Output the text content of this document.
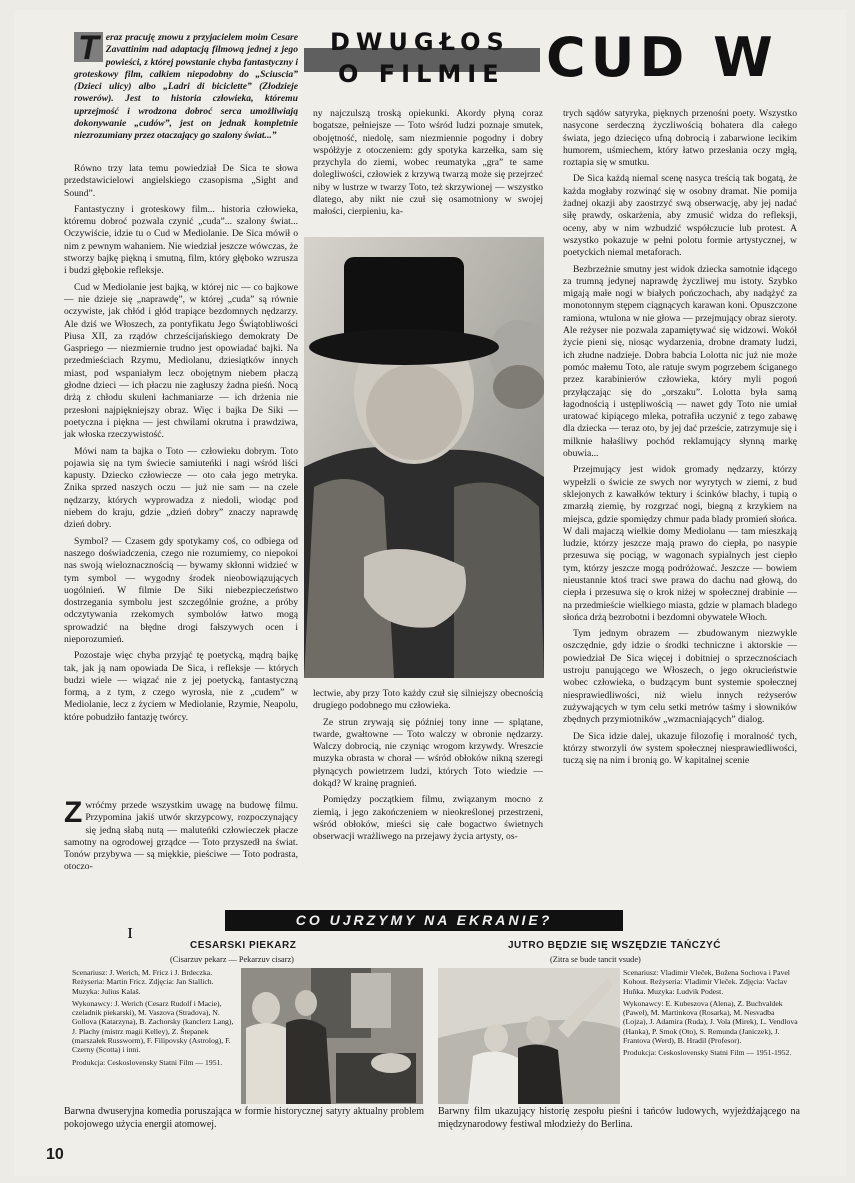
T eraz pracuję znowu z przyjacielem moim Cesare Zavattinim nad adaptacją filmową jednej z jego powieści, z której powstanie chyba fantastyczny i groteskowy film, całkiem niepodobny do „Sciuscia” (Dzieci ulicy) albo „Ladri di biciclette” (Złodzieje rowerów). Jest to historia człowieka, któremu uprzejmość i wrodzona dobroć serca umożliwiają dokonywanie „cudów”, jest on jednak kompletnie niezrozumiany przez otaczający go szalony świat...”

Równo trzy lata temu powiedział De Sica te słowa przedstawicielowi angielskiego czasopisma „Sight and Sound”.

Fantastyczny i groteskowy film... historia człowieka, któremu dobroć pozwala czynić „cuda”... szalony świat... Oczywiście, idzie tu o Cud w Mediolanie. De Sica mówił o nim z pewnym wahaniem. Nie wiedział jeszcze wówczas, że stworzy bajkę piękną i smutną, film, który głęboko wzrusza i budzi głębokie refleksje.

Cud w Mediolanie jest bajką, w której nic — co bajkowe — nie dzieje się „naprawdę”, w której „cuda” są równie oczywiste, jak chłód i głód trapiące bezdomnych nędzarzy. Ale dziś we Włoszech, za pontyfikatu Jego Świątobliwości Piusa XII, za rządów chrześcijańskiego demokraty De Gaspriego — niezmiernie trudno jest opowiadać bajki. Na przedmieściach Rzymu, Mediolanu, dziesiątków innych miast, pod wspaniałym lecz obojętnym niebem płaczą głodne dzieci — ich płaczu nie zagłuszy żadna pieśń. Nocą drżą z chłodu skuleni łachmaniarze — ich drżenia nie przesłoni najpiękniejszy obraz. Więc i bajka De Siki — poetyczna i piękna — jest chwilami okrutna i prawdziwa, jak włoska rzeczywistość.

Mówi nam ta bajka o Toto — człowieku dobrym. Toto pojawia się na tym świecie samiuteńki i nagi wśród liści kapusty. Dziecko człowiecze — oto cała jego metryka. Znika sprzed naszych oczu — już nie sam — na czele nędzarzy, których wyprowadza z niedoli, wiodąc pod niebem do kraju, gdzie „dzień dobry” znaczy naprawdę dzień dobry.

Symbol? — Czasem gdy spotykamy coś, co odbiega od naszego doświadczenia, czego nie rozumiemy, co niepokoi nas swoją wieloznacznością — bywamy skłonni widzieć w tym symbol — wygodny środek nieobowiązujących uogólnień. W filmie De Siki niebezpieczeństwo dostrzegania symbolu jest szczególnie groźne, a próby odczytywania rzekomych symbolów łatwo mogą sprowadzić na błędne drogi fałszywych ocen i nieporozumień.

Pozostaje więc chyba przyjąć tę poetycką, mądrą bajkę tak, jak ją nam opowiada De Sica, i refleksje — których budzi wiele — wiązać nie z jej poetycką, fantastyczną formą, a z tym, z czego wyrosła, nie z „cudem” w Mediolanie, lecz z życiem w Mediolanie, Rzymie, Neapolu, które pobudziło fantazję twórcy.

Zwróćmy przede wszystkim uwagę na budowę filmu. Przypomina jakiś utwór skrzypcowy, rozpoczynający się jedną słabą nutą — maluteńki człowieczek płacze samotny na ogrodowej grządce — Toto przyszedł na świat. Tonów przybywa — są miękkie, pieściwe — Toto podrasta, otoczo-

DWUGŁOS
O FILMIE CUD W

ny najczulszą troską opiekunki. Akordy płyną coraz bogatsze, pełniejsze — Toto wśród ludzi poznaje smutek, obojętność, niedolę, sam niezmiennie pogodny i dobry współżyje z otoczeniem: gdy spotyka karzełka, sam się przychyla do ziemi, wobec reumatyka „gra” te same dolegliwości, człowiek z krzywą twarzą może się przejrzeć niby w lustrze w twarzy Toto, też skrzywionej — wszystko dlatego, aby nikt nie czuł się osamotniony w swojej małości, cierpieniu, ka-

lectwie, aby przy Toto każdy czuł się silniejszy obecnością drugiego podobnego mu człowieka.

Ze strun zrywają się później tony inne — splątane, twarde, gwałtowne — Toto walczy w obronie nędzarzy. Walczy dobrocią, nie czyniąc wrogom krzywdy. Wreszcie muzyka obrasta w chorał — wśród obłoków nikną szeregi płynących powietrzem ludzi, których Toto wiedzie — dokąd? W krainę pragnień.

Pomiędzy początkiem filmu, związanym mocno z ziemią, i jego zakończeniem w nieokreślonej przestrzeni, wśród obłoków, mieści się całe bogactwo świetnych obserwacji wrażliwego na przejawy życia artysty, os-

trych sądów satyryka, pięknych przenośni poety. Wszystko nasycone serdeczną życzliwością bohatera dla całego świata, jego dziecięco ufną dobrocią i zabarwione lecikim humorem, uśmiechem, który łatwo przesłania oczy mgłą, roztapia się w smutku.

De Sica każdą niemal scenę nasyca treścią tak bogatą, że każda mogłaby rozwinąć się w osobny dramat. Nie pomija żadnej okazji aby zaostrzyć swą obserwację, aby jej nadać siłę prawdy, oskarżenia, aby zmusić widza do refleksji, oceny, aby w nim wzbudzić współczucie lub protest. A wszystko pokazuje w pełni polotu formie artystycznej, w poetyckich niemal metaforach.

Bezbrzeżnie smutny jest widok dziecka samotnie idącego za trumną jedynej naprawdę życzliwej mu istoty. Szybko migają małe nogi w białych pończochach, aby nadążyć za monotonnym stępem ciągnących karawan koni. Opuszczone ramiona, wtulona w nie głowa — przejmujący obraz sieroty. Ale reżyser nie pozwala zapamiętywać się widzowi. Wokół życie pieni się, niosąc wydarzenia, drobne dramaty ludzi, ich złudne nadzieje. Dobra babcia Lolotta nic już nie może pomóc małemu Toto, ale ratuje swym pogrzebem ściganego przez karabinierów człowieka, który myli pogoń przyłączając się do „orszaku”. Lolotta była samą łagodnością i ustępliwością — nawet gdy Toto nie umiał uratować kipiącego mleka, potrafiła uczynić z tego zabawę dla dziecka — teraz oto, by jej dać przeście, zatrzymuje się i milknie hałaśliwy pochód reklamujący słynną markę obuwia...

Przejmujący jest widok gromady nędzarzy, którzy wypełzli o świcie ze swych nor wyrytych w ziemi, z bud sklejonych z kawałków tektury i ścinków blachy, i tupią o zmarzłą ziemię, by rozgrzać nogi, biegną z krzykiem na miejsca, gdzie spomiędzy chmur pada blady promień słońca. W dali majaczą wielkie domy Mediolanu — tam mieszkają ludzie, którzy jeszcze mają prawo do ciepła, po nasypie przesuwa się pociąg, w wagonach sypialnych jest ciepło tym, którzy jeszcze mogą podróżować. Jeszcze — bowiem nieustannie ktoś traci swe prawa do dachu nad głową, do ciepła i przesuwa się o krok niżej w społecznej drabinie — na przedmieście wielkiego miasta, gdzie w plamach bladego słońca drżą bezrobotni i bezdomni obywatele Włoch.

Tym jednym obrazem — zbudowanym niezwykle oszczędnie, gdy idzie o środki techniczne i aktorskie — powiedział De Sica więcej i dobitniej o sprzecznościach ustroju panującego we Włoszech, o jego okrucieństwie wobec człowieka, o budzącym bunt systemie społecznej niesprawiedliwości, niż wielu innych reżyserów zużywających w tym celu setki metrów taśmy i słowników zbędnych przymiotników „wzmacniających” dialog.

De Sica idzie dalej, ukazuje filozofię i moralność tych, którzy stworzyli ów system społecznej niesprawiedliwości, tuczą się na nim i bronią go. W kapitalnej scenie

ɪ	CO UJRZYMY NA EKRANIE?
CESARSKI PIEKARZ
(Cisarzuv pekarz — Pekarzuv cisarz)
Scenariusz: J. Werich, M. Fricz i J. Brdeczka. Reżyseria: Martin Fricz. Zdjęcia: Jan Stallich. Muzyka: Julius Kalaš.
Wykonawcy: J. Werich (Cesarz Rudolf i Macie), czeladnik piekarski), M. Vaszova (Stradova), N. Gollova (Katarzyna), B. Zachorsky (kanclerz Lang), J. Plachy (mistrz magii Kelley), Z. Štepanek (marszałek Russworm), F. Filipovsky (Astrolog), F. Czerny (Scotta) i inni.
Produkcja: Ceskoslovensky Statni Film — 1951.
Barwna dwuseryjna komedia poruszająca w formie historycznej satyry aktualny problem pokojowego użycia energii atomowej.
JUTRO BĘDZIE SIĘ WSZĘDZIE TAŃCZYĆ
(Zitra se bude tancit vsude)
Scenariusz: Vladimir Vleček, Božena Sochova i Pavel Kohout. Reżyseria: Vladimir Vleček. Zdjęcia: Vaclav Huňka. Muzyka: Ludvik Podest.
Wykonawcy: E. Kubeszova (Alena), Z. Buchvaldek (Paweł), M. Martinkova (Rosarka), M. Nesvadba (Lojza), J. Adamira (Ruda), J. Vola (Mirek), L. Vendlova (Hanka), P. Smok (Oto), S. Remunda (Janiczek), J. Frantova (Werd), B. Hradil (Profesor).
Produkcja: Ceskoslovensky Statni Film — 1951-1952.
Barwny film ukazujący historię zespołu pieśni i tańców ludowych, wyjeżdżającego na międzynarodowy festiwal młodzieży do Berlina.
10
